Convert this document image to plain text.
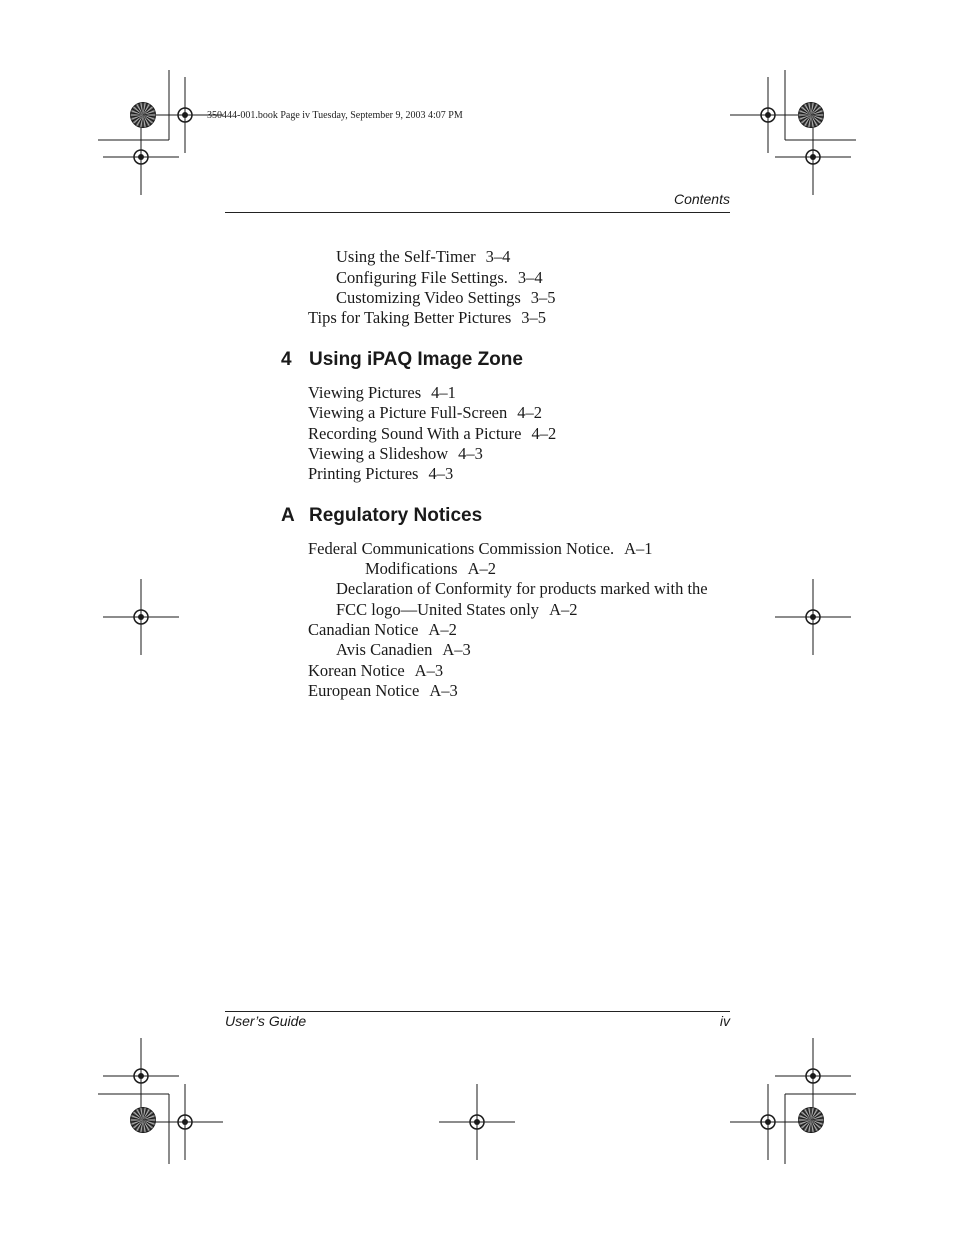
350444-001.book Page iv Tuesday, September 9, 2003 4:07 PM
Contents
Using the Self-Timer 3–4
Configuring File Settings. 3–4
Customizing Video Settings 3–5
Tips for Taking Better Pictures 3–5
4 Using iPAQ Image Zone
Viewing Pictures 4–1
Viewing a Picture Full-Screen 4–2
Recording Sound With a Picture 4–2
Viewing a Slideshow 4–3
Printing Pictures 4–3
A Regulatory Notices
Federal Communications Commission Notice. A–1
Modifications A–2
Declaration of Conformity for products marked with the
FCC logo—United States only A–2
Canadian Notice A–2
Avis Canadien A–3
Korean Notice A–3
European Notice A–3
User’s Guide	iv
